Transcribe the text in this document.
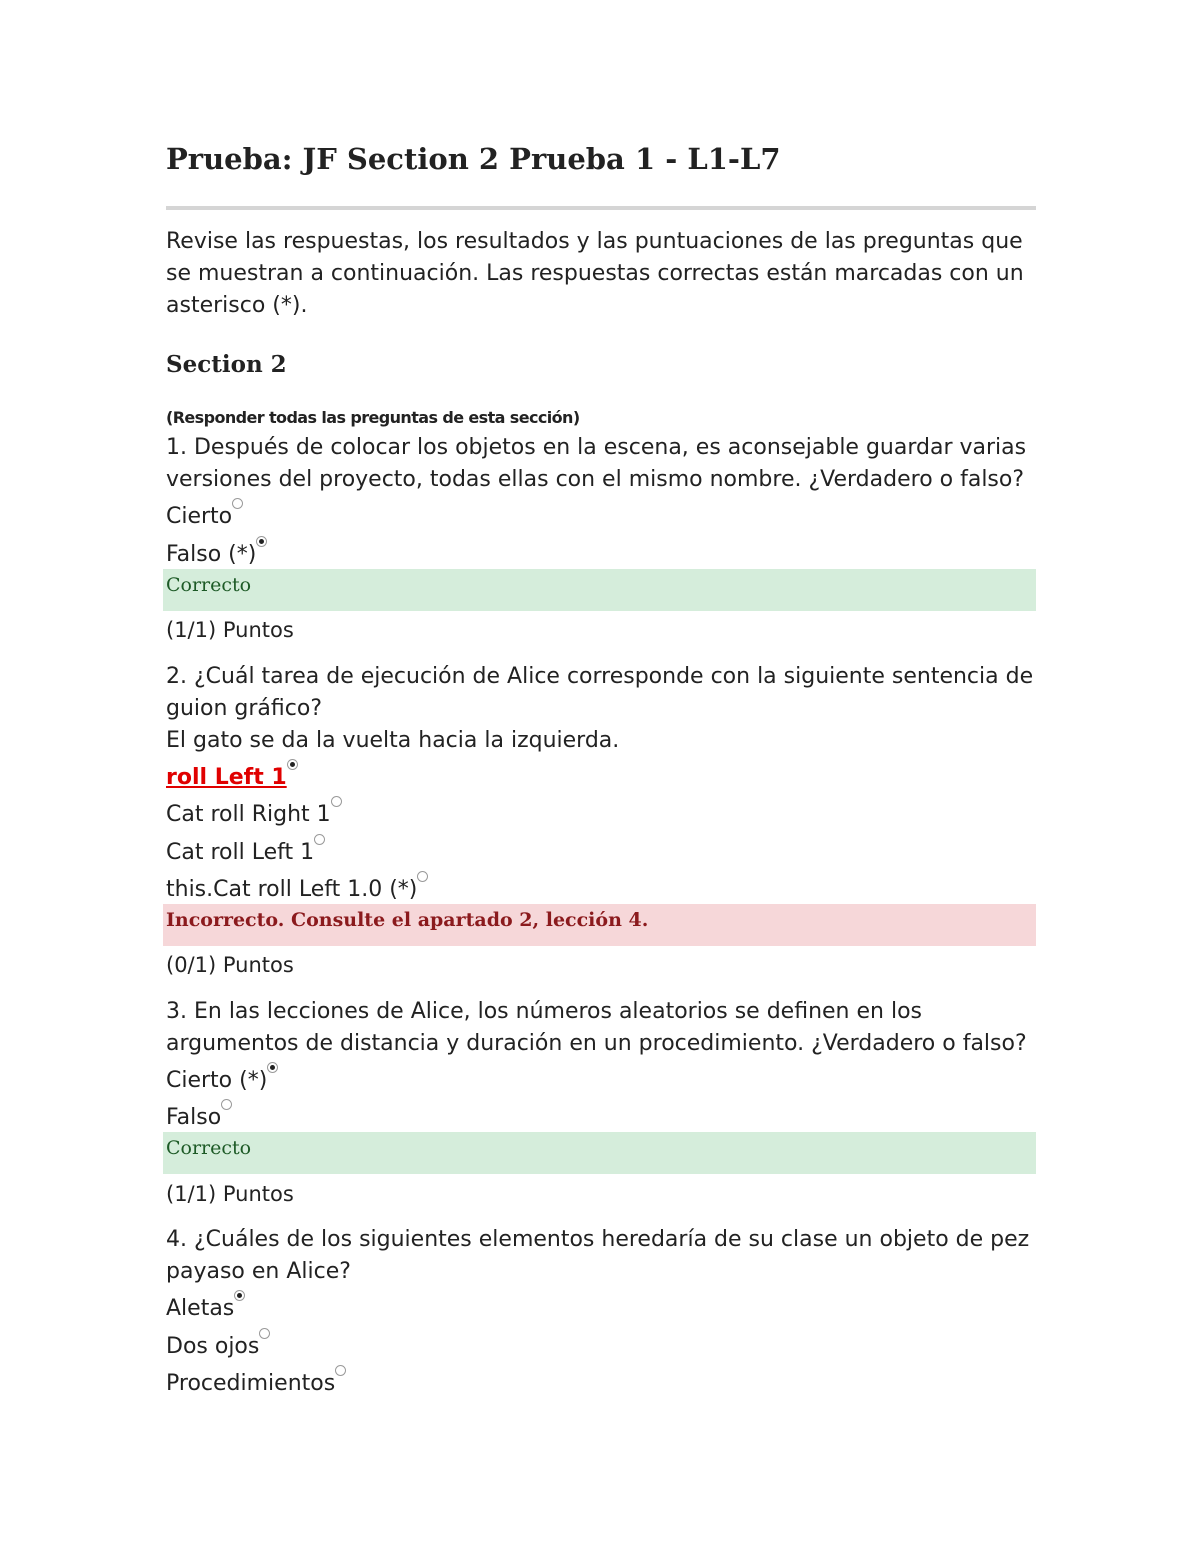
Prueba: JF Section 2 Prueba 1 - L1-L7

Revise las respuestas, los resultados y las puntuaciones de las preguntas que se muestran a continuación. Las respuestas correctas están marcadas con un asterisco (*).

Section 2
(Responder todas las preguntas de esta sección)
1. Después de colocar los objetos en la escena, es aconsejable guardar varias
versiones del proyecto, todas ellas con el mismo nombre. ¿Verdadero o falso?
Cierto
Falso (*)
Correcto
(1/1) Puntos
2. ¿Cuál tarea de ejecución de Alice corresponde con la siguiente sentencia de
guion gráfico?
El gato se da la vuelta hacia la izquierda.
roll Left 1
Cat roll Right 1
Cat roll Left 1
this.Cat roll Left 1.0 (*)
Incorrecto. Consulte el apartado 2, lección 4.
(0/1) Puntos
3. En las lecciones de Alice, los números aleatorios se definen en los
argumentos de distancia y duración en un procedimiento. ¿Verdadero o falso?
Cierto (*)
Falso
Correcto
(1/1) Puntos
4. ¿Cuáles de los siguientes elementos heredaría de su clase un objeto de pez
payaso en Alice?
Aletas
Dos ojos
Procedimientos
